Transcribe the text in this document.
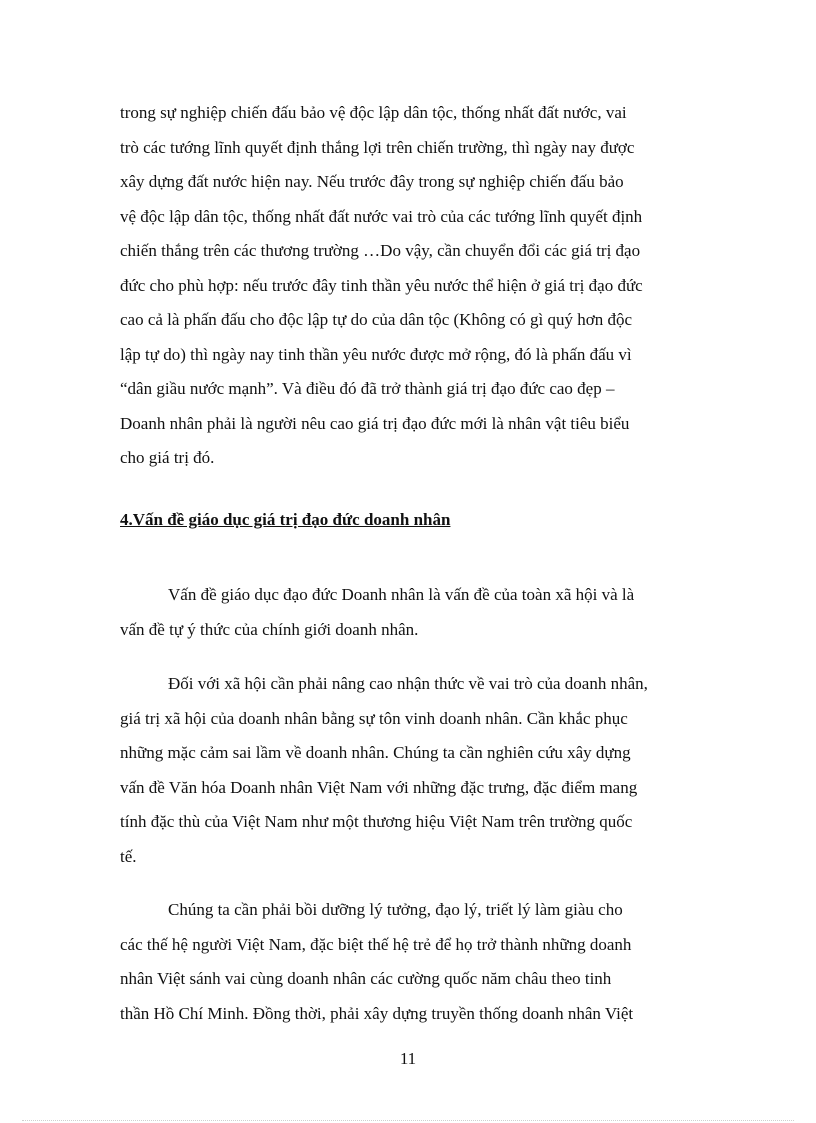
trong sự nghiệp chiến đấu bảo vệ độc lập dân tộc, thống nhất đất nước, vai

trò các tướng lĩnh quyết định thắng lợi trên chiến trường, thì ngày nay được

xây dựng đất nước hiện nay. Nếu trước đây trong sự nghiệp chiến đấu bảo

vệ độc lập dân tộc, thống nhất đất nước vai trò của các tướng lĩnh quyết định

chiến thắng trên các thương trường …Do vậy, cần chuyển đổi các giá trị đạo

đức cho phù hợp: nếu trước đây tinh thần yêu nước thể hiện ở giá trị đạo đức

cao cả là phấn đấu cho độc lập tự do của dân tộc (Không có gì quý hơn độc

lập tự do) thì ngày nay tinh thần yêu nước được mở rộng, đó là phấn đấu vì

“dân giầu nước mạnh”. Và điều đó đã trở thành giá trị đạo đức cao đẹp –

Doanh nhân phải là người nêu cao giá trị đạo đức mới là nhân vật tiêu biểu

cho giá trị đó.

4.Vấn đề giáo dục giá trị đạo đức doanh nhân

Vấn đề giáo dục đạo đức Doanh nhân là vấn đề của toàn xã hội và là

vấn đề tự ý thức của chính giới doanh nhân.

Đối với xã hội cần phải nâng cao nhận thức về vai trò của doanh nhân,

giá trị xã hội của doanh nhân bằng sự tôn vinh doanh nhân. Cần khắc phục

những mặc cảm sai lầm về doanh nhân. Chúng ta cần nghiên cứu xây dựng

vấn đề Văn hóa Doanh nhân Việt Nam với những đặc trưng, đặc điểm mang

tính đặc thù của Việt Nam như một thương hiệu Việt Nam trên trường quốc

tế.

Chúng ta cần phải bồi dưỡng lý tưởng, đạo lý, triết lý làm giàu cho

các thế hệ người Việt Nam, đặc biệt thế hệ trẻ để họ trở thành những doanh

nhân Việt sánh vai cùng doanh nhân các cường quốc năm châu theo tinh

thần Hồ Chí Minh. Đồng thời, phải xây dựng truyền thống doanh nhân Việt

11
